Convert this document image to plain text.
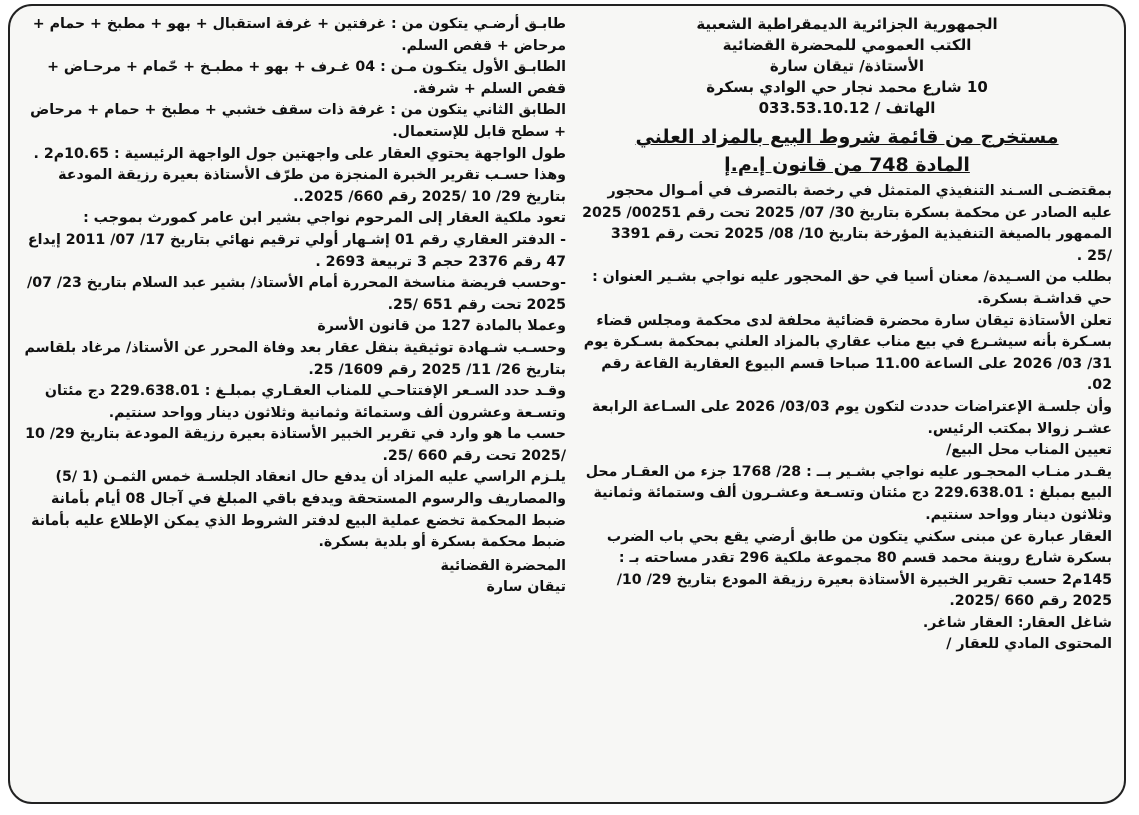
الجمهورية الجزائرية الديمقراطية الشعبية
الكتب العمومي للمحضرة القضائية
الأستاذة/ تيقان سارة
10 شارع محمد نجار حي الوادي بسكرة
الهاتف / 033.53.10.12
مستخرج من قائمة شروط البيع بالمزاد العلني
المادة 748 من قانون إ.م.إ

بمقتضـى السـند التنفيذي المتمثل في رخصة بالتصرف في أمـوال محجور عليه الصادر عن محكمة بسكرة بتاريخ 30/ 07/ 2025 تحت رقم 00251/ 2025 الممهور بالصيغة التنفيذية المؤرخة بتاريخ 10/ 08/ 2025 تحت رقم 3391 /25 .

بطلب من السـيدة/ معنان أسيا في حق المحجور عليه نواجي بشـير العنوان : حي قداشـة بسكرة.

تعلن الأستاذة تيقان سارة محضرة قضائية محلفة لدى محكمة ومجلس قضاء بسـكرة بأنه سيشـرع في بيع مناب عقاري بالمزاد العلني بمحكمة بسـكرة يوم 31/ 03/ 2026 على الساعة 11.00 صباحا قسم البيوع العقارية القاعة رقم 02.

وأن جلسـة الإعتراضات حددت لتكون يوم 03/03/ 2026 على السـاعة الرابعة عشـر زوالا بمكتب الرئيس.

تعيين المناب محل البيع/

يقـدر منـاب المحجـور عليه نواجي بشـير بــ : 28/ 1768 جزء من العقـار محل البيع بمبلغ : 229.638.01 دج مئتان وتسـعة وعشـرون ألف وستمائة وثمانية وثلاثون دينار وواحد سنتيم.

العقار عبارة عن مبنى سكني يتكون من طابق أرضي يقع بحي باب الضرب بسكرة شارع روينة محمد قسم 80 مجموعة ملكية 296 تقدر مساحته بـ : 145م2 حسب تقرير الخبيرة الأستاذة بعيرة رزيقة المودع بتاريخ 29/ 10/ 2025 رقم 660 /2025.

شاغل العقار: العقار شاغر.

المحتوى المادي للعقار /

طابـق أرضـي يتكون من : غرفتين + غرفة استقبال + بهو + مطبخ + حمام + مرحاض + قفص السلم.

الطابـق الأول يتكـون مـن : 04 غـرف + بهو + مطبـخ + حّمام + مرحـاض + قفص السلم + شرفة.

الطابق الثاني يتكون من : غرفة ذات سقف خشبي + مطبخ + حمام + مرحاض + سطح قابل للإستعمال.

طول الواجهة يحتوي العقار على واجهتين جول الواجهة الرئيسية : 10.65م2 .

وهذا حسـب تقرير الخبرة المنجزة من طرّف الأستاذة بعيرة رزيقة المودعة بتاريخ 29/ 10 /2025 رقم 660/ 2025..

تعود ملكية العقار إلى المرحوم نواجي بشير ابن عامر كمورث بموجب :

- الدفتر العقاري رقم 01 إشـهار أولي ترقيم نهائي بتاريخ 17/ 07/ 2011 إيداع 47 رقم 2376 حجم 3 تربيعة 2693 .

-وحسب فريضة مناسخة المحررة أمام الأستاذ/ بشير عبد السلام بتاريخ 23/ 07/ 2025 تحت رقم 651 /25.

وعملا بالمادة 127 من قانون الأسرة

وحسـب شـهادة توثيقية بنقل عقار بعد وفاة المحرر عن الأستاذ/ مرغاد بلقاسم بتاريخ 26/ 11/ 2025 رقم 1609/ 25.

وقـد حدد السـعر الإفتتاحـي للمناب العقـاري بمبلـغ : 229.638.01 دج مئتان وتسـعة وعشرون ألف وستمائة وثمانية وثلاثون دينار وواحد سنتيم.

حسب ما هو وارد في تقرير الخبير الأستاذة بعيرة رزيقة المودعة بتاريخ 29/ 10 /2025 تحت رقم 660 /25.

يلـزم الراسي عليه المزاد أن يدفع حال انعقاد الجلسـة خمس الثمـن (1 /5) والمصاريف والرسوم المستحقة ويدفع باقي المبلغ في آجال 08 أيام بأمانة ضبط المحكمة تخضع عملية البيع لدفتر الشروط الذي يمكن الإطلاع عليه بأمانة ضبط محكمة بسكرة أو بلدية بسكرة.

المحضرة القضائية
تيقان سارة
